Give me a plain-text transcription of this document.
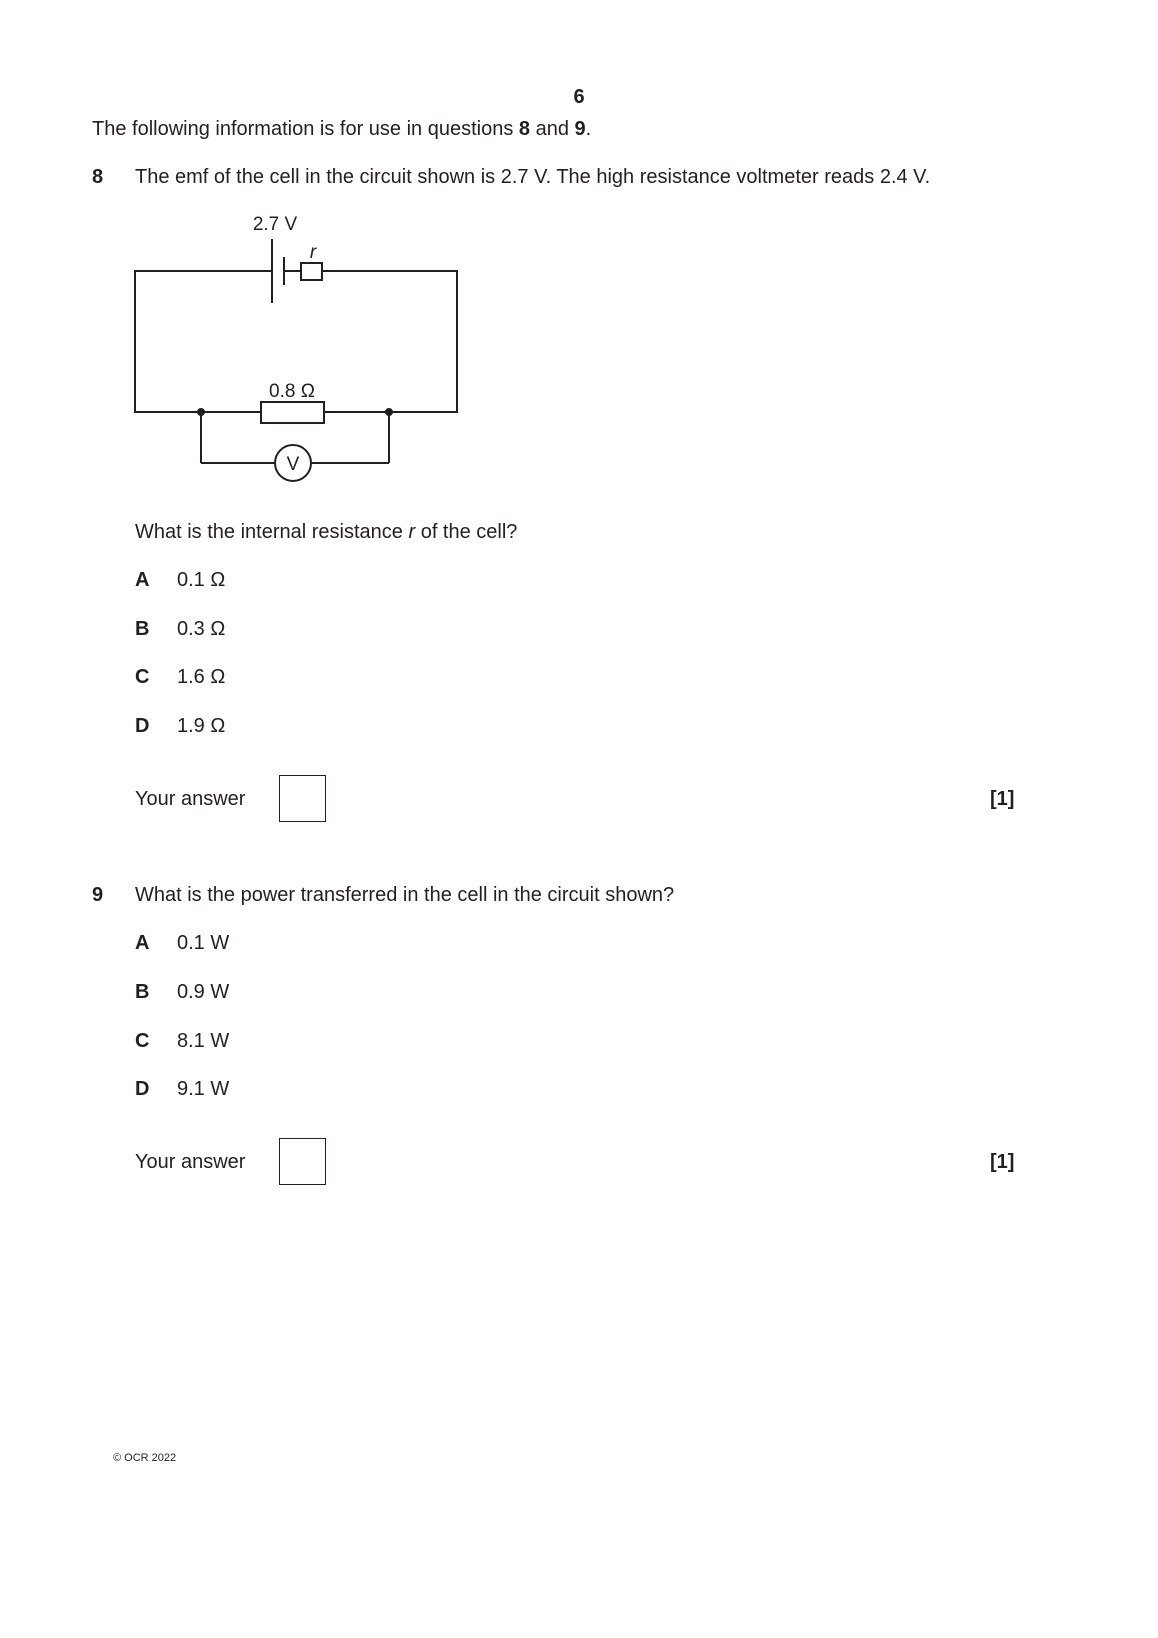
6
The following information is for use in questions 8 and 9.
8 The emf of the cell in the circuit shown is 2.7 V. The high resistance voltmeter reads 2.4 V.
2.7 V
r
0.8 Ω
V
What is the internal resistance r of the cell?
A 0.1 Ω
B 0.3 Ω
C 1.6 Ω
D 1.9 Ω
Your answer	[1]
9 What is the power transferred in the cell in the circuit shown?
A 0.1 W
B 0.9 W
C 8.1 W
D 9.1 W
Your answer	[1]
© OCR 2022
